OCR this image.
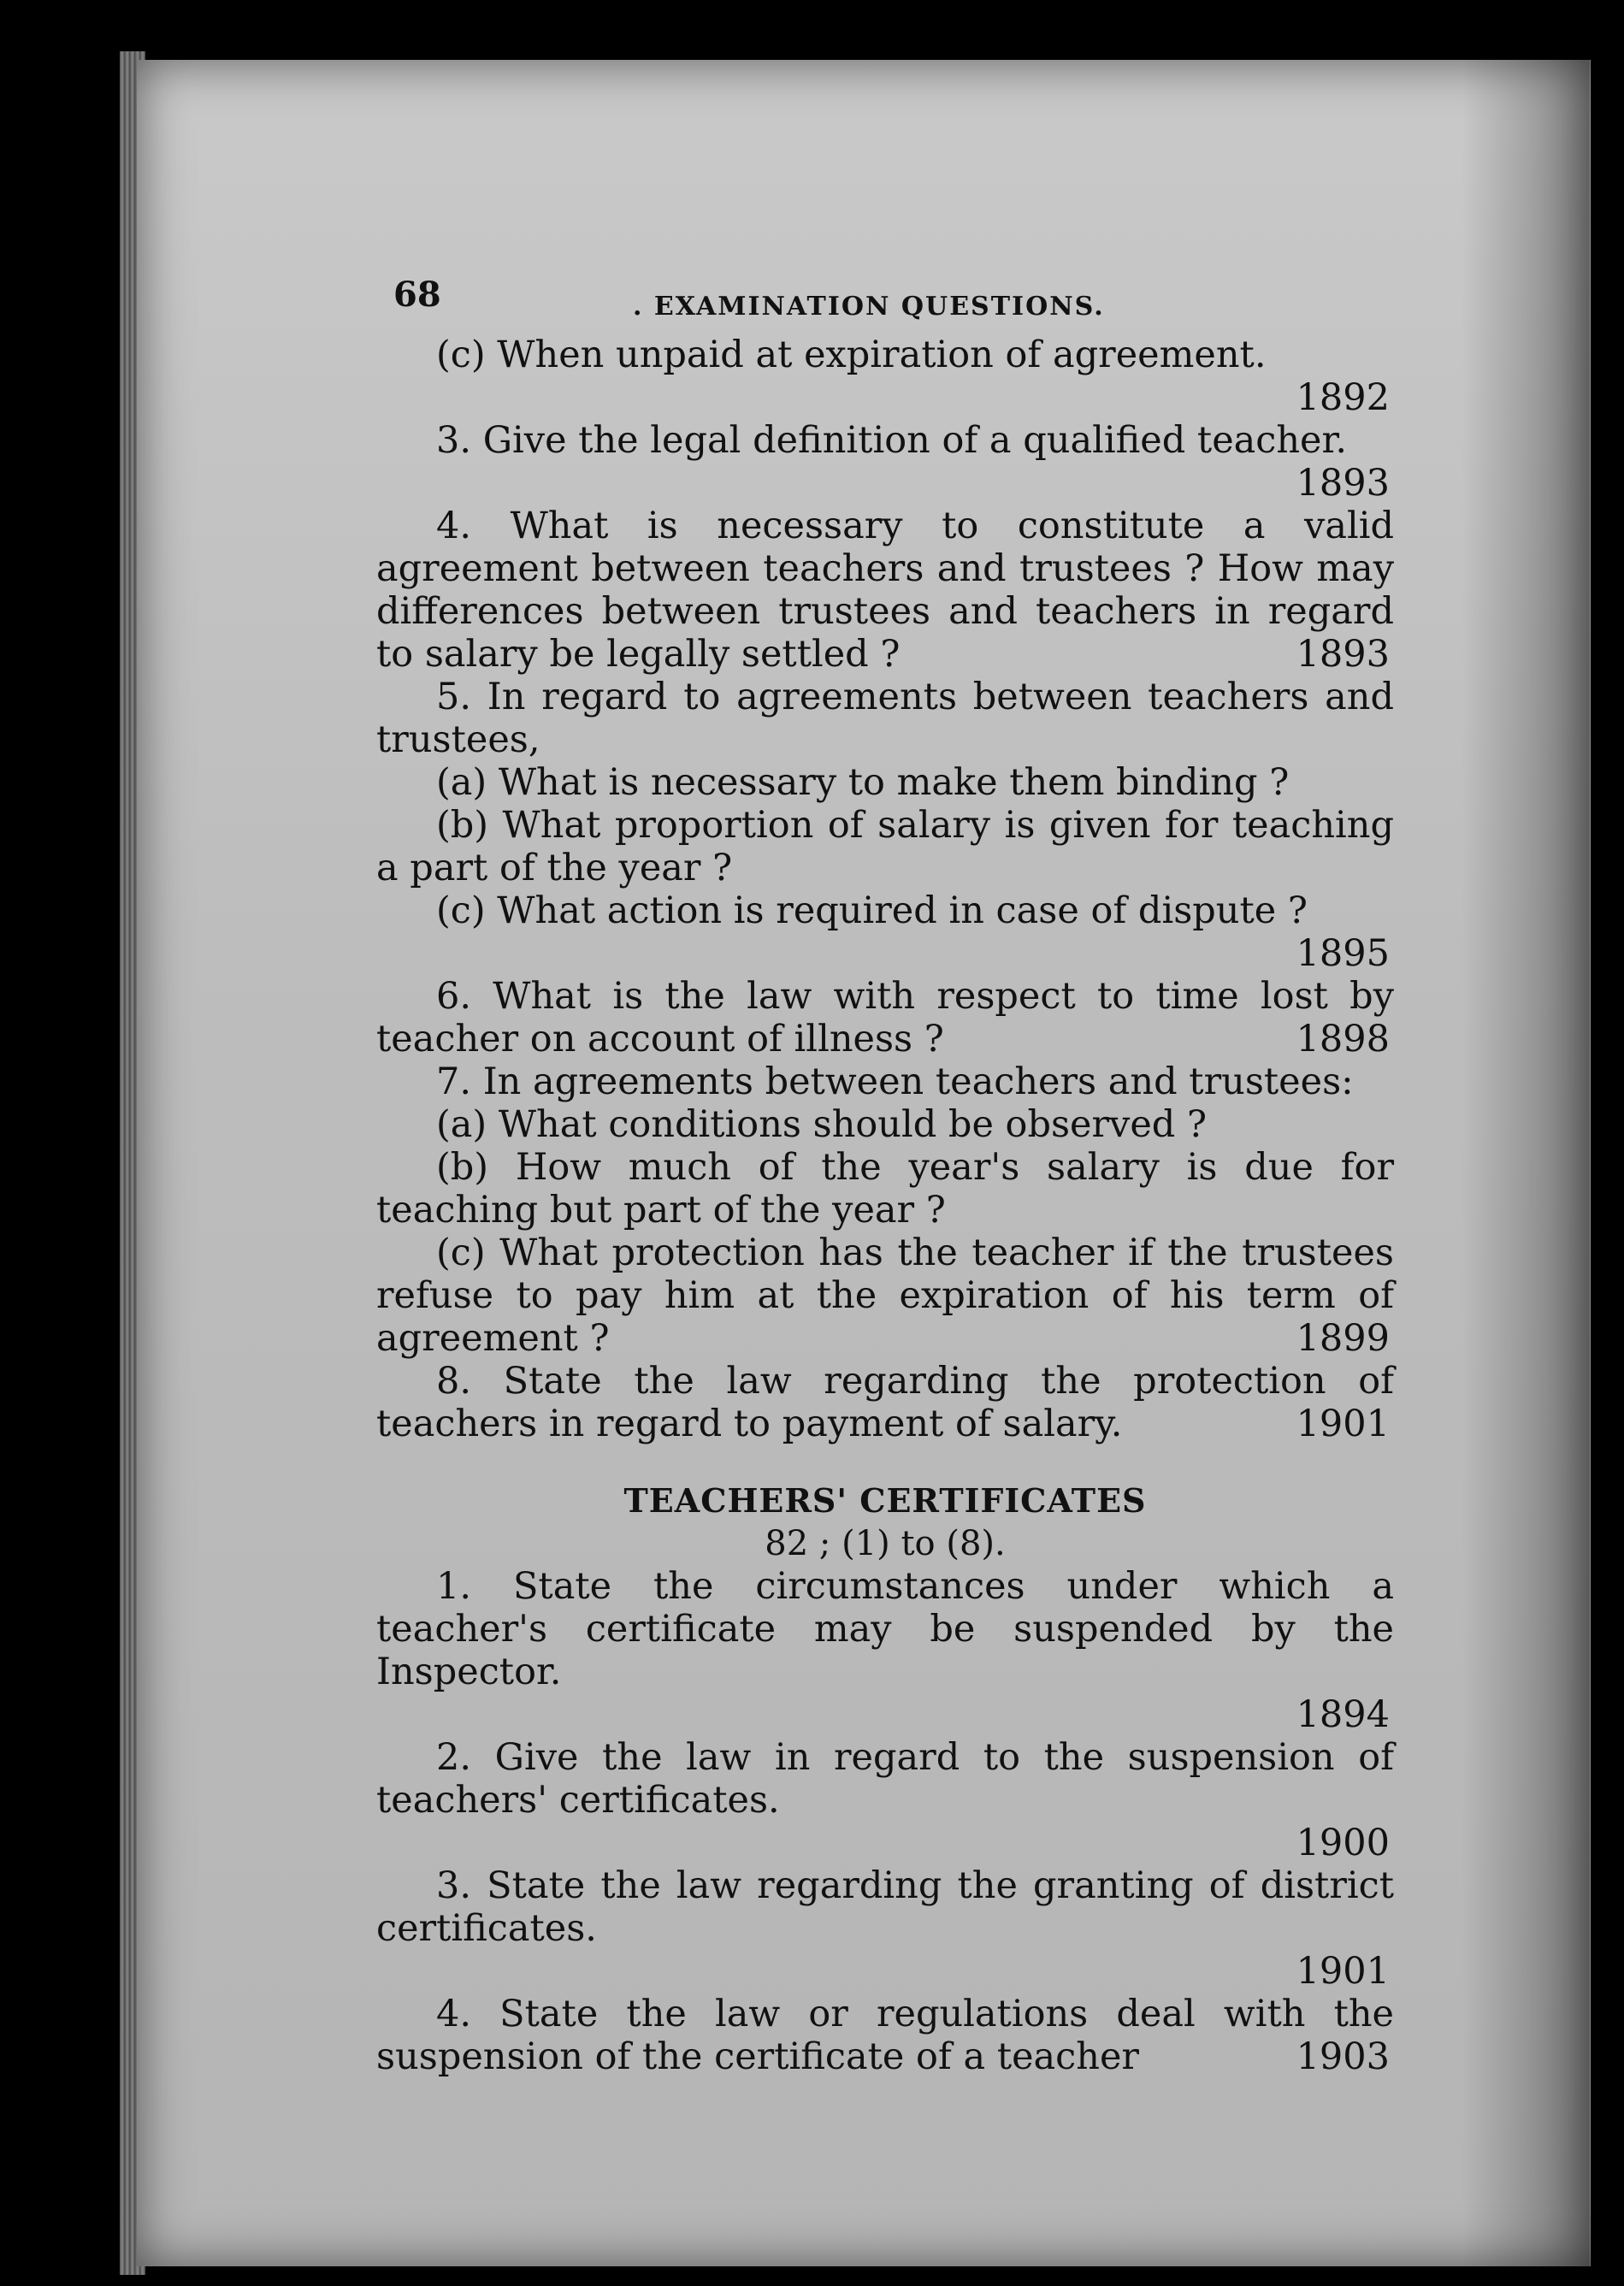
68	. EXAMINATION QUESTIONS.

(c) When unpaid at expiration of agreement.

1892

3. Give the legal definition of a qualified teacher.

1893

4. What is necessary to constitute a valid agreement between teachers and trustees ? How may differences between trustees and teachers in regard to salary be legally settled ?	1893

5. In regard to agreements between teachers and trustees,

(a) What is necessary to make them binding ?

(b) What proportion of salary is given for teaching a part of the year ?

(c) What action is required in case of dispute ?

1895

6. What is the law with respect to time lost by teacher on account of illness ?	1898

7. In agreements between teachers and trustees:

(a) What conditions should be observed ?

(b) How much of the year's salary is due for teaching but part of the year ?

(c) What protection has the teacher if the trustees refuse to pay him at the expiration of his term of agreement ?	1899

8. State the law regarding the protection of teachers in regard to payment of salary.	1901

TEACHERS' CERTIFICATES
82 ; (1) to (8).

1. State the circumstances under which a teacher's certificate may be suspended by the Inspector.

1894

2. Give the law in regard to the suspension of teachers' certificates.

1900

3. State the law regarding the granting of district certificates.

1901

4. State the law or regulations deal with the suspension of the certificate of a teacher	1903
